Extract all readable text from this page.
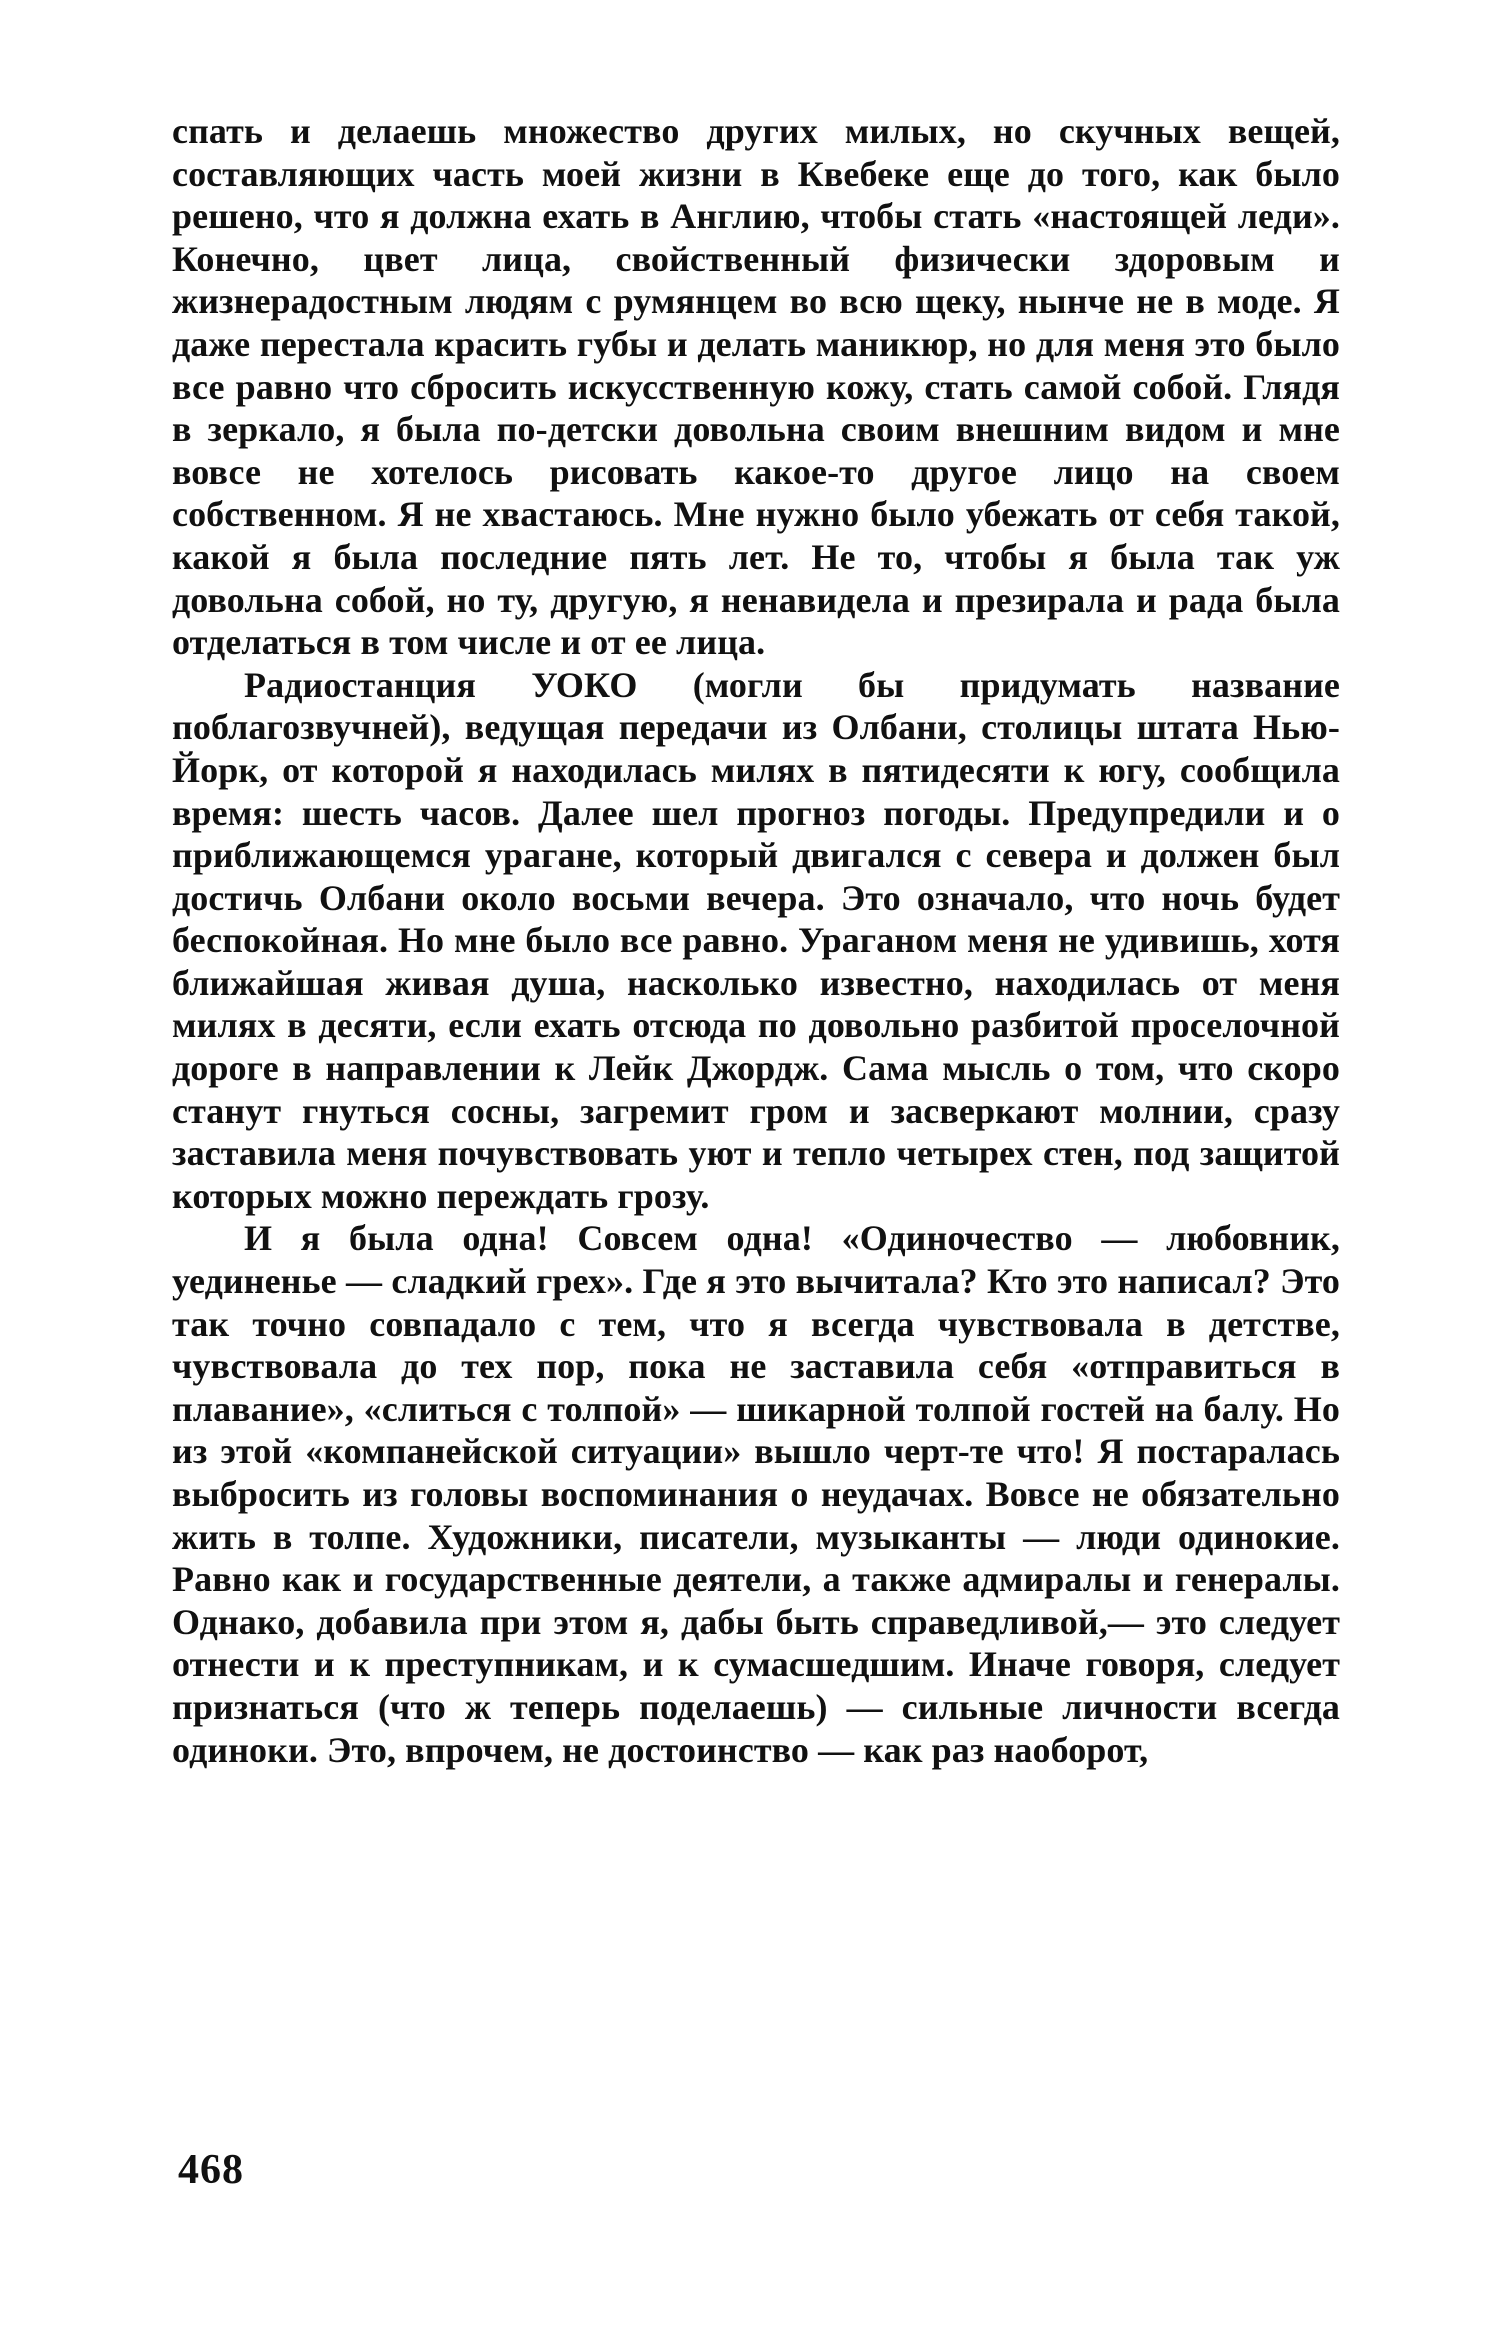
спать и делаешь множество других милых, но скучных вещей, составляющих часть моей жизни в Квебеке еще до того, как было решено, что я должна ехать в Англию, чтобы стать «настоящей леди». Конечно, цвет лица, свойственный физически здоровым и жизнерадостным людям с румянцем во всю щеку, нынче не в моде. Я даже перестала красить губы и делать маникюр, но для меня это было все равно что сбросить искусственную кожу, стать самой собой. Глядя в зеркало, я была по-детски довольна своим внешним видом и мне вовсе не хотелось рисовать какое-то другое лицо на своем собственном. Я не хвастаюсь. Мне нужно было убежать от себя такой, какой я была последние пять лет. Не то, чтобы я была так уж довольна собой, но ту, другую, я ненавидела и презирала и рада была отделаться в том числе и от ее лица.

Радиостанция УОКО (могли бы придумать название поблагозвучней), ведущая передачи из Олбани, столицы штата Нью-Йорк, от которой я находилась милях в пятидесяти к югу, сообщила время: шесть часов. Далее шел прогноз погоды. Предупредили и о приближающемся урагане, который двигался с севера и должен был достичь Олбани около восьми вечера. Это означало, что ночь будет беспокойная. Но мне было все равно. Ураганом меня не удивишь, хотя ближайшая живая душа, насколько известно, находилась от меня милях в десяти, если ехать отсюда по довольно разбитой проселочной дороге в направлении к Лейк Джордж. Сама мысль о том, что скоро станут гнуться сосны, загремит гром и засверкают молнии, сразу заставила меня почувствовать уют и тепло четырех стен, под защитой которых можно переждать грозу.

И я была одна! Совсем одна! «Одиночество — любовник, уединенье — сладкий грех». Где я это вычитала? Кто это написал? Это так точно совпадало с тем, что я всегда чувствовала в детстве, чувствовала до тех пор, пока не заставила себя «отправиться в плавание», «слиться с толпой» — шикарной толпой гостей на балу. Но из этой «компанейской ситуации» вышло черт-те что! Я постаралась выбросить из головы воспоминания о неудачах. Вовсе не обязательно жить в толпе. Художники, писатели, музыканты — люди одинокие. Равно как и государственные деятели, а также адмиралы и генералы. Однако, добавила при этом я, дабы быть справедливой,— это следует отнести и к преступникам, и к сумасшедшим. Иначе говоря, следует признаться (что ж теперь поделаешь) — сильные личности всегда одиноки. Это, впрочем, не достоинство — как раз наоборот,

468
